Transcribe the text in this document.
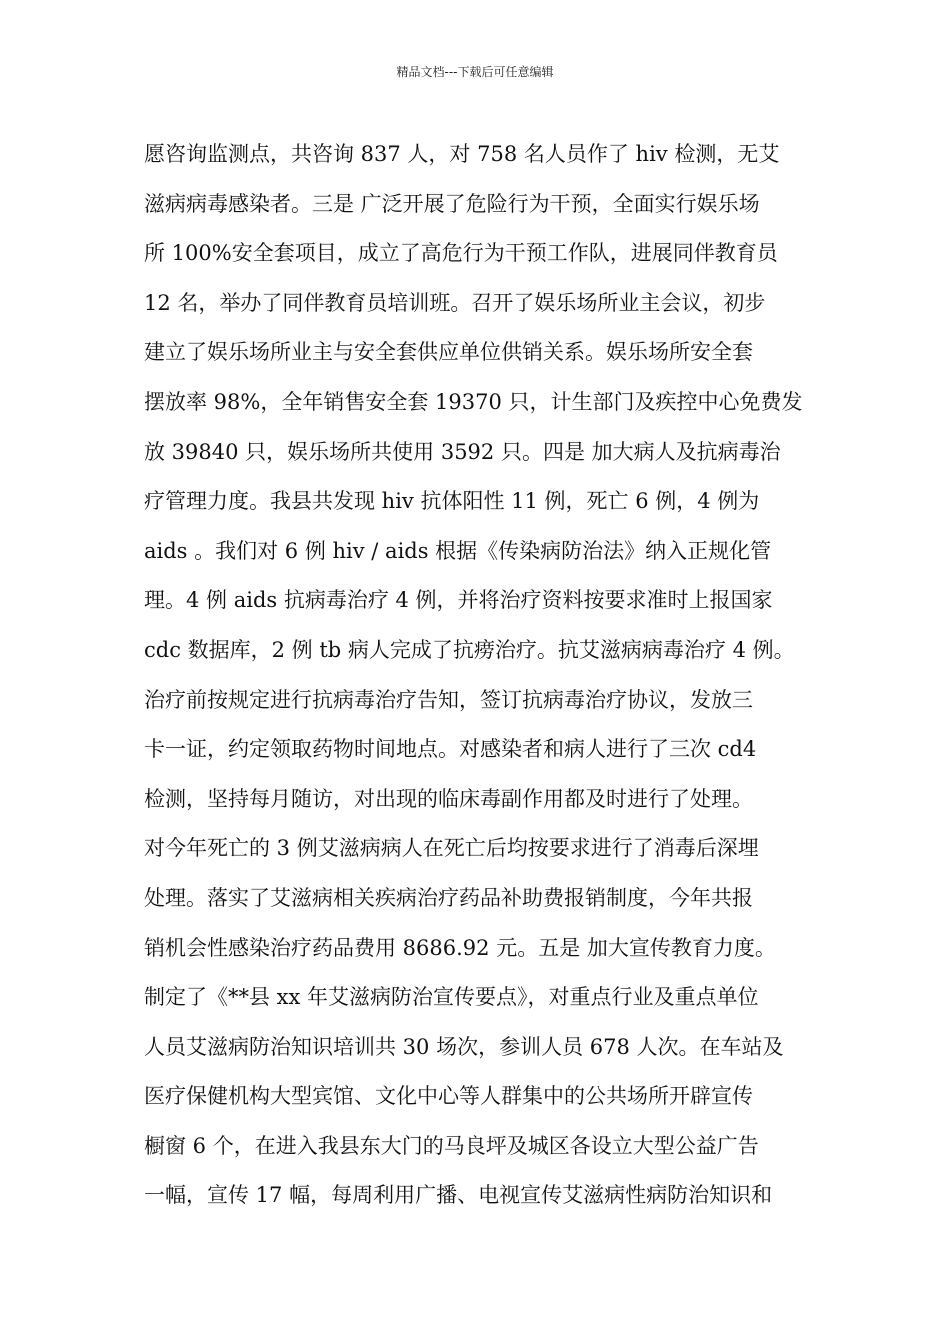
精品文档---下载后可任意编辑
愿咨询监测点，共咨询 837 人，对 758 名人员作了 hiv 检测，无艾
滋病病毒感染者。三是 广泛开展了危险行为干预，全面实行娱乐场
所 100%安全套项目，成立了高危行为干预工作队，进展同伴教育员
12 名，举办了同伴教育员培训班。召开了娱乐场所业主会议，初步
建立了娱乐场所业主与安全套供应单位供销关系。娱乐场所安全套
摆放率 98%，全年销售安全套 19370 只，计生部门及疾控中心免费发
放 39840 只，娱乐场所共使用 3592 只。四是 加大病人及抗病毒治
疗管理力度。我县共发现 hiv 抗体阳性 11 例，死亡 6 例，4 例为
aids 。我们对 6 例 hiv / aids 根据《传染病防治法》纳入正规化管
理。4 例 aids 抗病毒治疗 4 例，并将治疗资料按要求准时上报国家
cdc 数据库，2 例 tb 病人完成了抗痨治疗。抗艾滋病病毒治疗 4 例。
治疗前按规定进行抗病毒治疗告知，签订抗病毒治疗协议，发放三
卡一证，约定领取药物时间地点。对感染者和病人进行了三次 cd4
检测，坚持每月随访，对出现的临床毒副作用都及时进行了处理。
对今年死亡的 3 例艾滋病病人在死亡后均按要求进行了消毒后深埋
处理。落实了艾滋病相关疾病治疗药品补助费报销制度，今年共报
销机会性感染治疗药品费用 8686.92 元。五是 加大宣传教育力度。
制定了《**县 xx 年艾滋病防治宣传要点》，对重点行业及重点单位
人员艾滋病防治知识培训共 30 场次，参训人员 678 人次。在车站及
医疗保健机构大型宾馆、文化中心等人群集中的公共场所开辟宣传
橱窗 6 个，在进入我县东大门的马良坪及城区各设立大型公益广告
一幅，宣传 17 幅，每周利用广播、电视宣传艾滋病性病防治知识和
